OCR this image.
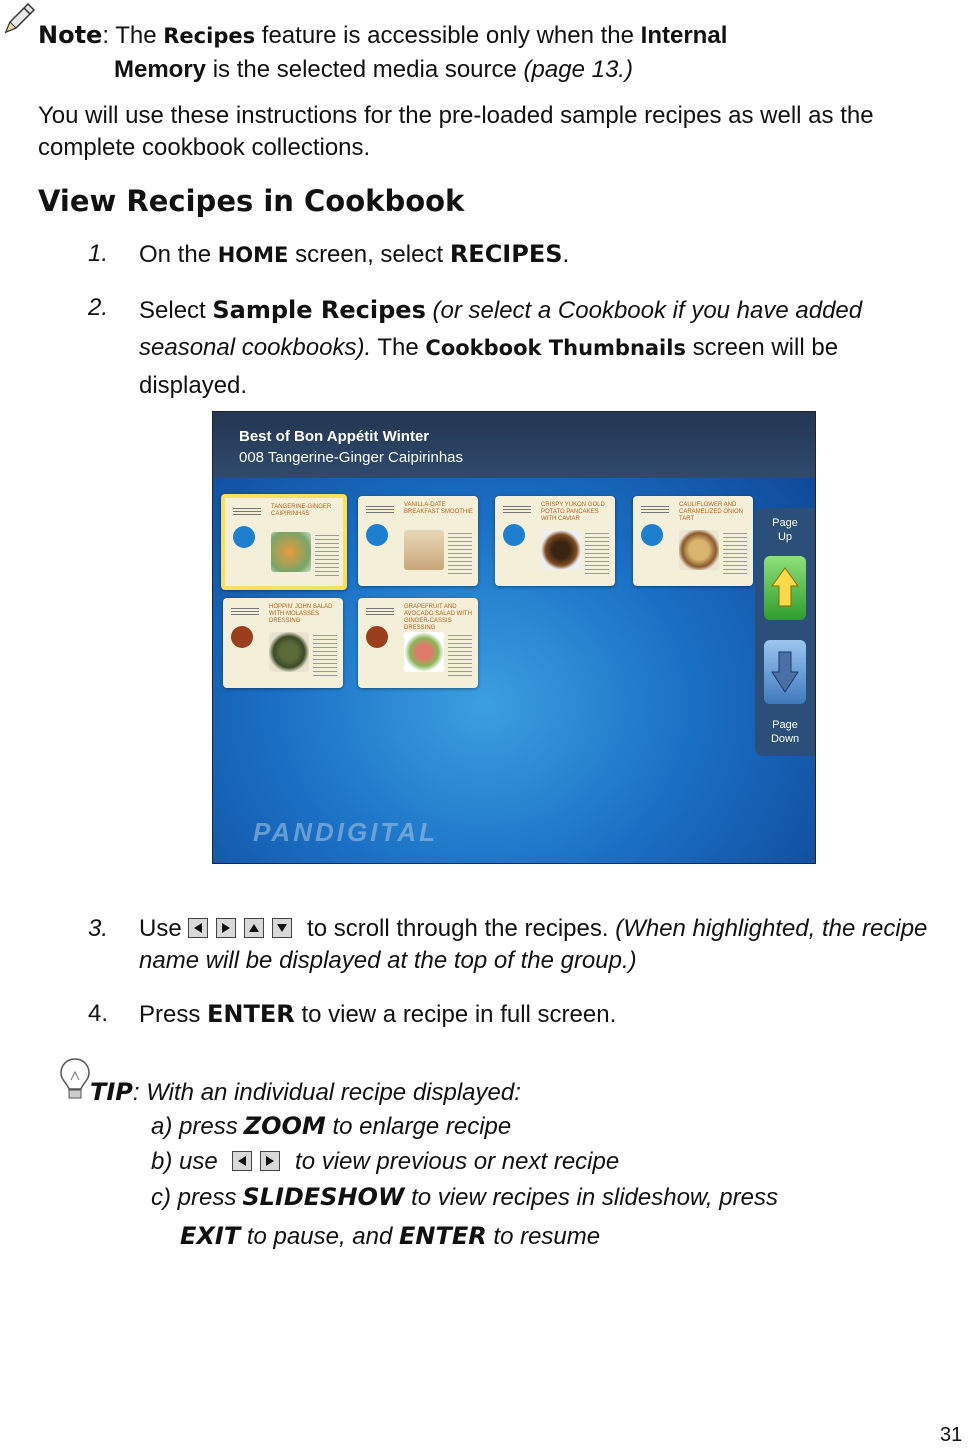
Note: The Recipes feature is accessible only when the Internal
Memory is the selected media source (page 13.)
You will use these instructions for the pre-loaded sample recipes as well as the complete cookbook collections.
View Recipes in Cookbook
1. On the HOME screen, select RECIPES.
2. Select Sample Recipes (or select a Cookbook if you have added seasonal cookbooks). The Cookbook Thumbnails screen will be displayed.
Best of Bon Appétit Winter
008 Tangerine-Ginger Caipirinhas
TANGERINE-GINGER CAIPIRINHAS
VANILLA-DATE BREAKFAST SMOOTHIE
CRISPY YUKON GOLD POTATO PANCAKES WITH CAVIAR
CAULIFLOWER AND CARAMELIZED ONION TART
HOPPIN' JOHN SALAD WITH MOLASSES DRESSING
GRAPEFRUIT AND AVOCADO SALAD WITH GINGER-CASSIS DRESSING
Page Up
Page Down
PANDIGITAL
3. Use	to scroll through the recipes. (When highlighted, the recipe name will be displayed at the top of the group.)
4. Press ENTER to view a recipe in full screen.
TIP: With an individual recipe displayed:
a) press ZOOM to enlarge recipe
b) use	to view previous or next recipe
c) press SLIDESHOW to view recipes in slideshow, press
EXIT to pause, and ENTER to resume
31
